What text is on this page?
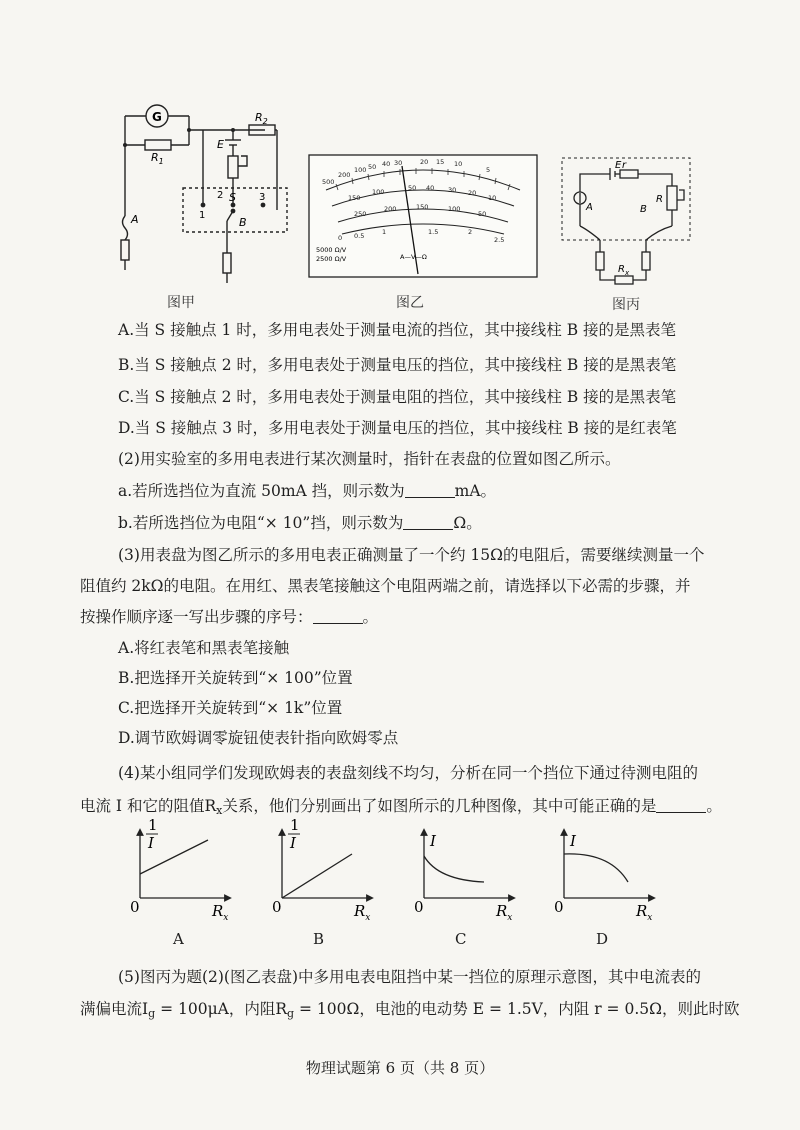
G
$R_1$
$R_2$
E
S
1
2	3
A	B
图甲
500
200
100 50 40 30	20 15 10
5
150
100	50 40 30 20
10
250
200	150	100
50
0 0.5	1	1.5	2
2.5
5000 Ω/V
2500 Ω/V	A—V—Ω
图乙
E r
A	B
R
$R_x$
图丙
A.当 S 接触点 1 时，多用电表处于测量电流的挡位，其中接线柱 B 接的是黑表笔
B.当 S 接触点 2 时，多用电表处于测量电压的挡位，其中接线柱 B 接的是黑表笔
C.当 S 接触点 2 时，多用电表处于测量电阻的挡位，其中接线柱 B 接的是黑表笔
D.当 S 接触点 3 时，多用电表处于测量电压的挡位，其中接线柱 B 接的是红表笔
(2)用实验室的多用电表进行某次测量时，指针在表盘的位置如图乙所示。
a.若所选挡位为直流 50mA 挡，则示数为	mA。
b.若所选挡位为电阻“× 10”挡，则示数为	Ω。
(3)用表盘为图乙所示的多用电表正确测量了一个约 15Ω的电阻后，需要继续测量一个
阻值约 2kΩ的电阻。在用红、黑表笔接触这个电阻两端之前，请选择以下必需的步骤，并
按操作顺序逐一写出步骤的序号：	。
A.将红表笔和黑表笔接触
B.把选择开关旋转到“× 100”位置
C.把选择开关旋转到“× 1k”位置
D.调节欧姆调零旋钮使表针指向欧姆零点
(4)某小组同学们发现欧姆表的表盘刻线不均匀，分析在同一个挡位下通过待测电阻的
电流 I 和它的阻值$R_x$关系，他们分别画出了如图所示的几种图像，其中可能正确的是	。
1
I
0	$R_x$
A
1
I
0	$R_x$
B
I
0	$R_x$
C
I
0	$R_x$
D
(5)图丙为题(2)(图乙表盘)中多用电表电阻挡中某一挡位的原理示意图，其中电流表的
满偏电流$I_g = 100\mu A$，内阻$R_g = 100\Omega$，电池的电动势 E = 1.5V，内阻 r = 0.5Ω，则此时欧
物理试题第 6 页（共 8 页）
